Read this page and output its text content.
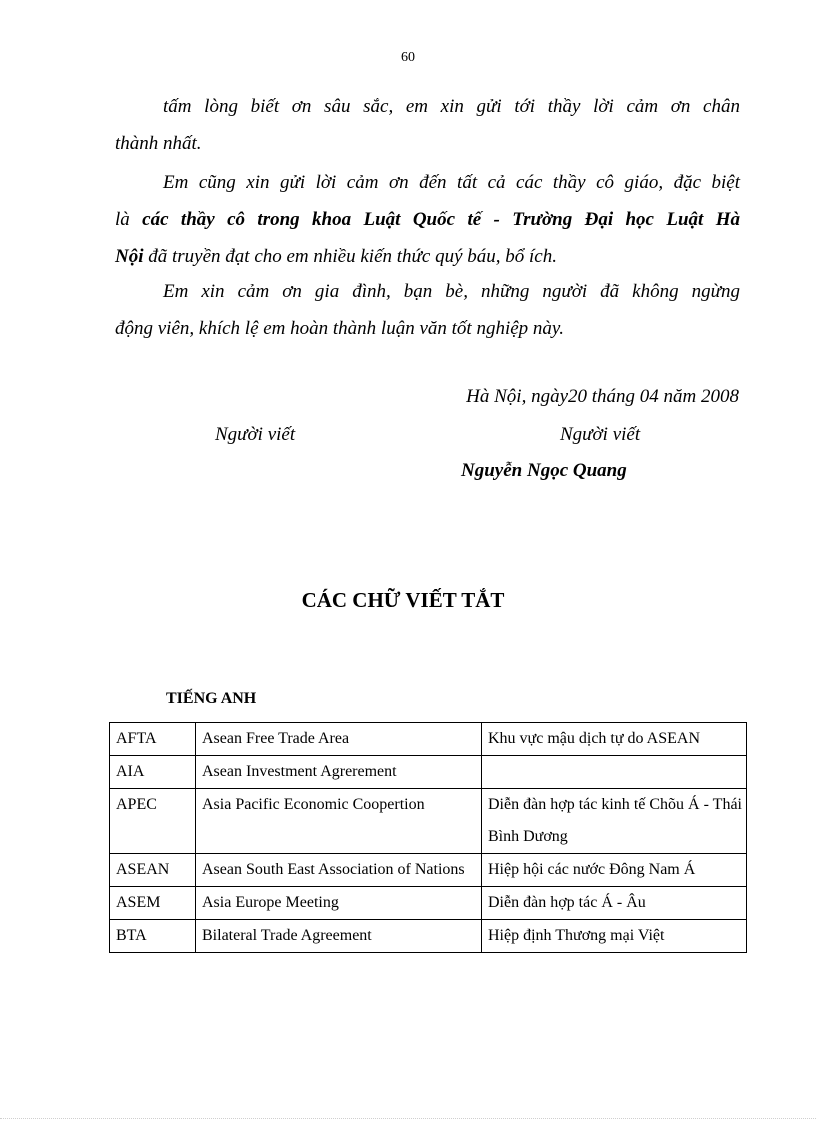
60

tấm lòng biết ơn sâu sắc, em xin gửi tới thầy lời cảm ơn chân
thành nhất.

Em cũng xin gửi lời cảm ơn đến tất cả các thầy cô giáo, đặc biệt
là các thầy cô trong khoa Luật Quốc tế - Trường Đại học Luật Hà
Nội đã truyền đạt cho em nhiều kiến thức quý báu, bổ ích.

Em xin cảm ơn gia đình, bạn bè, những người đã không ngừng
động viên, khích lệ em hoàn thành luận văn tốt nghiệp này.

Hà Nội, ngày20 tháng 04 năm 2008
Người viết	Người viết
Nguyễn Ngọc Quang
CÁC CHỮ VIẾT TẮT
TIẾNG ANH
AFTA	Asean Free Trade Area	Khu vực mậu dịch tự do ASEAN
AIA	Asean Investment Agrerement	
APEC	Asia Pacific Economic Coopertion	Diễn đàn hợp tác kinh tế Chõu Á - Thái Bình Dương
ASEAN	Asean South East Association of Nations	Hiệp hội các nước Đông Nam Á
ASEM	Asia Europe Meeting	Diễn đàn hợp tác Á - Âu
BTA	Bilateral Trade Agreement	Hiệp định Thương mại Việt
